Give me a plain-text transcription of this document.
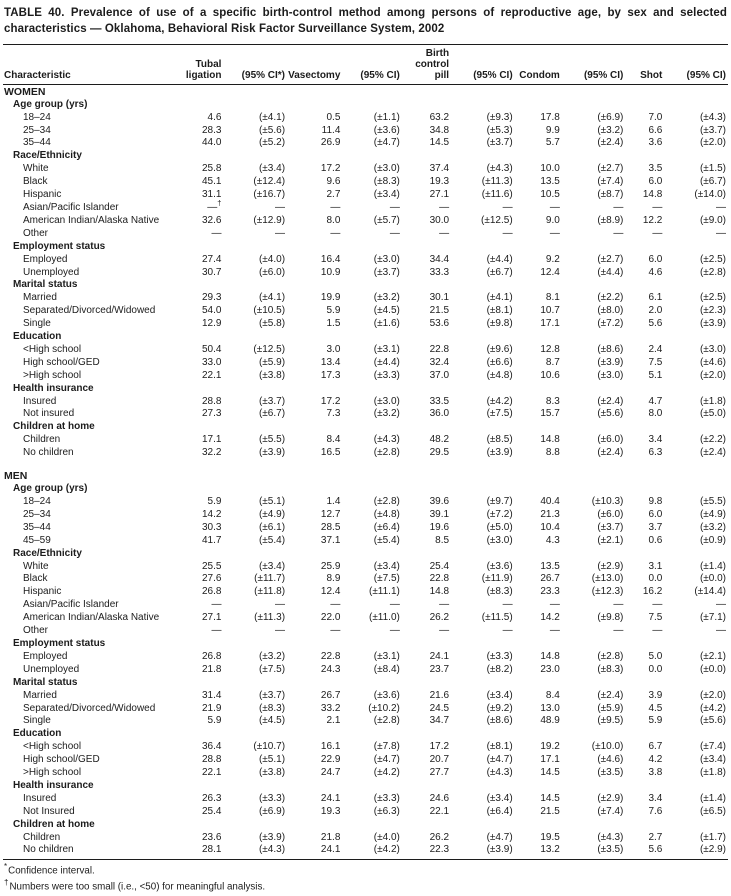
TABLE 40. Prevalence of use of a specific birth-control method among persons of reproductive age, by sex and selected characteristics — Oklahoma, Behavioral Risk Factor Surveillance System, 2002
Characteristic	Tubal ligation	(95% CI*)	Vasectomy	(95% CI)	Birth control pill	(95% CI)	Condom	(95% CI)	Shot	(95% CI)
WOMEN										
Age group (yrs)										
18–24	4.6	(±4.1)	0.5	(±1.1)	63.2	(±9.3)	17.8	(±6.9)	7.0	(±4.3)
25–34	28.3	(±5.6)	11.4	(±3.6)	34.8	(±5.3)	9.9	(±3.2)	6.6	(±3.7)
35–44	44.0	(±5.2)	26.9	(±4.7)	14.5	(±3.7)	5.7	(±2.4)	3.6	(±2.0)
Race/Ethnicity										
White	25.8	(±3.4)	17.2	(±3.0)	37.4	(±4.3)	10.0	(±2.7)	3.5	(±1.5)
Black	45.1	(±12.4)	9.6	(±8.3)	19.3	(±11.3)	13.5	(±7.4)	6.0	(±6.7)
Hispanic	31.1	(±16.7)	2.7	(±3.4)	27.1	(±11.6)	10.5	(±8.7)	14.8	(±14.0)
Asian/Pacific Islander	—†	—	—	—	—	—	—	—	—	—
American Indian/Alaska Native	32.6	(±12.9)	8.0	(±5.7)	30.0	(±12.5)	9.0	(±8.9)	12.2	(±9.0)
Other	—	—	—	—	—	—	—	—	—	—
Employment status										
Employed	27.4	(±4.0)	16.4	(±3.0)	34.4	(±4.4)	9.2	(±2.7)	6.0	(±2.5)
Unemployed	30.7	(±6.0)	10.9	(±3.7)	33.3	(±6.7)	12.4	(±4.4)	4.6	(±2.8)
Marital status										
Married	29.3	(±4.1)	19.9	(±3.2)	30.1	(±4.1)	8.1	(±2.2)	6.1	(±2.5)
Separated/Divorced/Widowed	54.0	(±10.5)	5.9	(±4.5)	21.5	(±8.1)	10.7	(±8.0)	2.0	(±2.3)
Single	12.9	(±5.8)	1.5	(±1.6)	53.6	(±9.8)	17.1	(±7.2)	5.6	(±3.9)
Education										
<High school	50.4	(±12.5)	3.0	(±3.1)	22.8	(±9.6)	12.8	(±8.6)	2.4	(±3.0)
High school/GED	33.0	(±5.9)	13.4	(±4.4)	32.4	(±6.6)	8.7	(±3.9)	7.5	(±4.6)
>High school	22.1	(±3.8)	17.3	(±3.3)	37.0	(±4.8)	10.6	(±3.0)	5.1	(±2.0)
Health insurance										
Insured	28.8	(±3.7)	17.2	(±3.0)	33.5	(±4.2)	8.3	(±2.4)	4.7	(±1.8)
Not insured	27.3	(±6.7)	7.3	(±3.2)	36.0	(±7.5)	15.7	(±5.6)	8.0	(±5.0)
Children at home										
Children	17.1	(±5.5)	8.4	(±4.3)	48.2	(±8.5)	14.8	(±6.0)	3.4	(±2.2)
No children	32.2	(±3.9)	16.5	(±2.8)	29.5	(±3.9)	8.8	(±2.4)	6.3	(±2.4)
MEN										
Age group (yrs)										
18–24	5.9	(±5.1)	1.4	(±2.8)	39.6	(±9.7)	40.4	(±10.3)	9.8	(±5.5)
25–34	14.2	(±4.9)	12.7	(±4.8)	39.1	(±7.2)	21.3	(±6.0)	6.0	(±4.9)
35–44	30.3	(±6.1)	28.5	(±6.4)	19.6	(±5.0)	10.4	(±3.7)	3.7	(±3.2)
45–59	41.7	(±5.4)	37.1	(±5.4)	8.5	(±3.0)	4.3	(±2.1)	0.6	(±0.9)
Race/Ethnicity										
White	25.5	(±3.4)	25.9	(±3.4)	25.4	(±3.6)	13.5	(±2.9)	3.1	(±1.4)
Black	27.6	(±11.7)	8.9	(±7.5)	22.8	(±11.9)	26.7	(±13.0)	0.0	(±0.0)
Hispanic	26.8	(±11.8)	12.4	(±11.1)	14.8	(±8.3)	23.3	(±12.3)	16.2	(±14.4)
Asian/Pacific Islander	—	—	—	—	—	—	—	—	—	—
American Indian/Alaska Native	27.1	(±11.3)	22.0	(±11.0)	26.2	(±11.5)	14.2	(±9.8)	7.5	(±7.1)
Other	—	—	—	—	—	—	—	—	—	—
Employment status										
Employed	26.8	(±3.2)	22.8	(±3.1)	24.1	(±3.3)	14.8	(±2.8)	5.0	(±2.1)
Unemployed	21.8	(±7.5)	24.3	(±8.4)	23.7	(±8.2)	23.0	(±8.3)	0.0	(±0.0)
Marital status										
Married	31.4	(±3.7)	26.7	(±3.6)	21.6	(±3.4)	8.4	(±2.4)	3.9	(±2.0)
Separated/Divorced/Widowed	21.9	(±8.3)	33.2	(±10.2)	24.5	(±9.2)	13.0	(±5.9)	4.5	(±4.2)
Single	5.9	(±4.5)	2.1	(±2.8)	34.7	(±8.6)	48.9	(±9.5)	5.9	(±5.6)
Education										
<High school	36.4	(±10.7)	16.1	(±7.8)	17.2	(±8.1)	19.2	(±10.0)	6.7	(±7.4)
High school/GED	28.8	(±5.1)	22.9	(±4.7)	20.7	(±4.7)	17.1	(±4.6)	4.2	(±3.4)
>High school	22.1	(±3.8)	24.7	(±4.2)	27.7	(±4.3)	14.5	(±3.5)	3.8	(±1.8)
Health insurance										
Insured	26.3	(±3.3)	24.1	(±3.3)	24.6	(±3.4)	14.5	(±2.9)	3.4	(±1.4)
Not Insured	25.4	(±6.9)	19.3	(±6.3)	22.1	(±6.4)	21.5	(±7.4)	7.6	(±6.5)
Children at home										
Children	23.6	(±3.9)	21.8	(±4.0)	26.2	(±4.7)	19.5	(±4.3)	2.7	(±1.7)
No children	28.1	(±4.3)	24.1	(±4.2)	22.3	(±3.9)	13.2	(±3.5)	5.6	(±2.9)
*Confidence interval.
†Numbers were too small (i.e., <50) for meaningful analysis.
